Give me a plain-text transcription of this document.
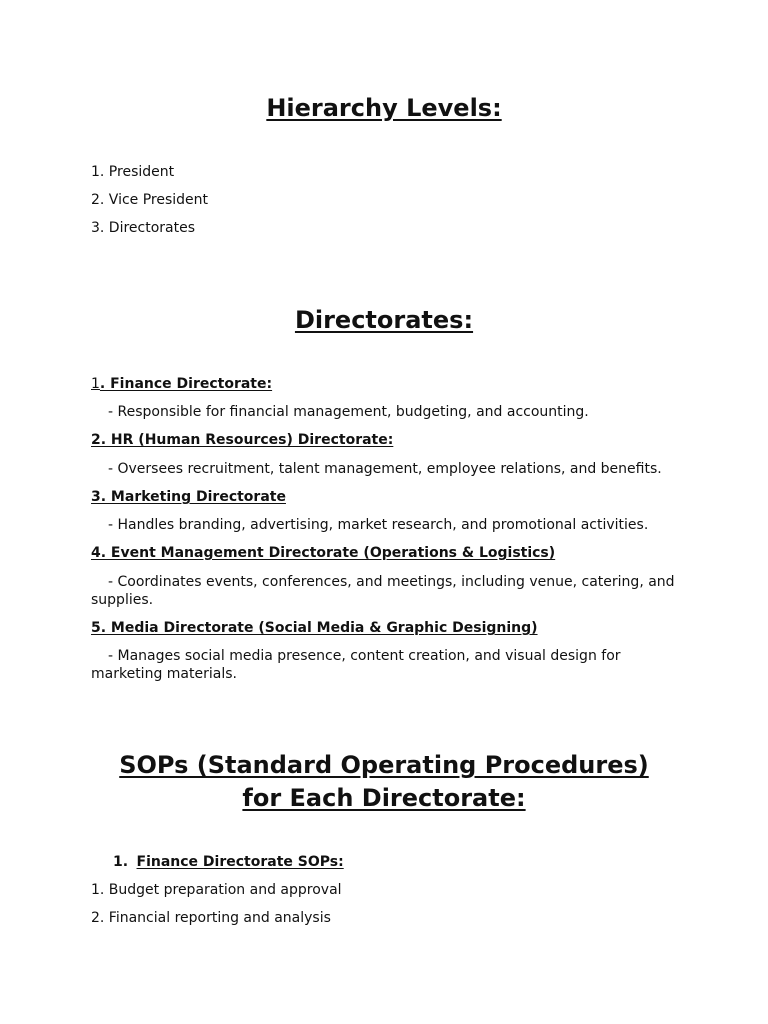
Hierarchy Levels:
1. President
2. Vice President
3. Directorates
Directorates:
1. Finance Directorate:
- Responsible for financial management, budgeting, and accounting.
2. HR (Human Resources) Directorate:
- Oversees recruitment, talent management, employee relations, and benefits.
3. Marketing Directorate
- Handles branding, advertising, market research, and promotional activities.
4. Event Management Directorate (Operations & Logistics)
- Coordinates events, conferences, and meetings, including venue, catering, and supplies.
5. Media Directorate (Social Media & Graphic Designing)
- Manages social media presence, content creation, and visual design for marketing materials.
SOPs (Standard Operating Procedures)
for Each Directorate:
1. Finance Directorate SOPs:
1. Budget preparation and approval
2. Financial reporting and analysis
